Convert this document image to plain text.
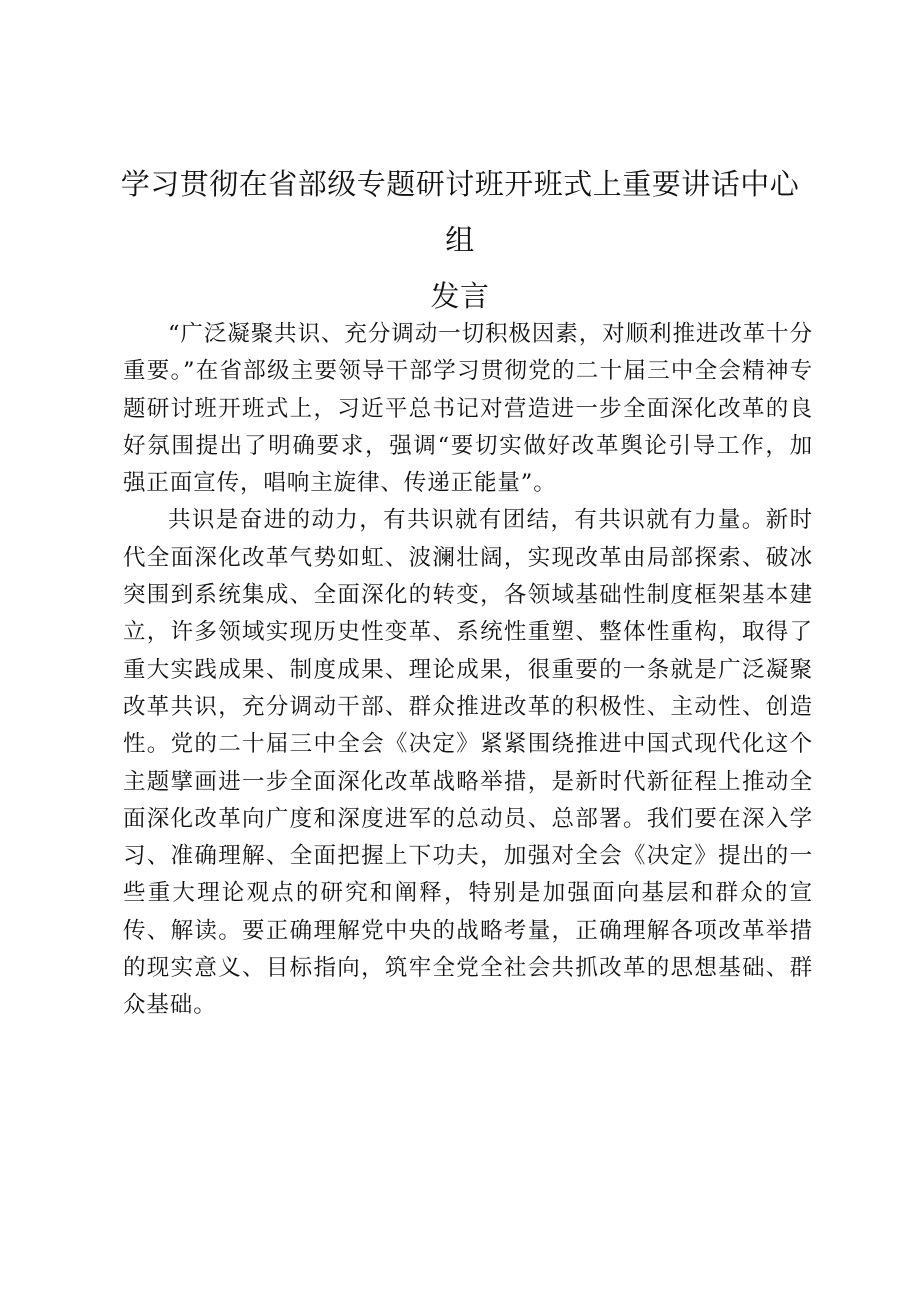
学习贯彻在省部级专题研讨班开班式上重要讲话中心组
发言

“广泛凝聚共识、充分调动一切积极因素，对顺利推进改革十分重要。”在省部级主要领导干部学习贯彻党的二十届三中全会精神专题研讨班开班式上，习近平总书记对营造进一步全面深化改革的良好氛围提出了明确要求，强调“要切实做好改革舆论引导工作，加强正面宣传，唱响主旋律、传递正能量”。

共识是奋进的动力，有共识就有团结，有共识就有力量。新时代全面深化改革气势如虹、波澜壮阔，实现改革由局部探索、破冰突围到系统集成、全面深化的转变，各领域基础性制度框架基本建立，许多领域实现历史性变革、系统性重塑、整体性重构，取得了重大实践成果、制度成果、理论成果，很重要的一条就是广泛凝聚改革共识，充分调动干部、群众推进改革的积极性、主动性、创造性。党的二十届三中全会《决定》紧紧围绕推进中国式现代化这个主题擘画进一步全面深化改革战略举措，是新时代新征程上推动全面深化改革向广度和深度进军的总动员、总部署。我们要在深入学习、准确理解、全面把握上下功夫，加强对全会《决定》提出的一些重大理论观点的研究和阐释，特别是加强面向基层和群众的宣传、解读。要正确理解党中央的战略考量，正确理解各项改革举措的现实意义、目标指向，筑牢全党全社会共抓改革的思想基础、群众基础。
